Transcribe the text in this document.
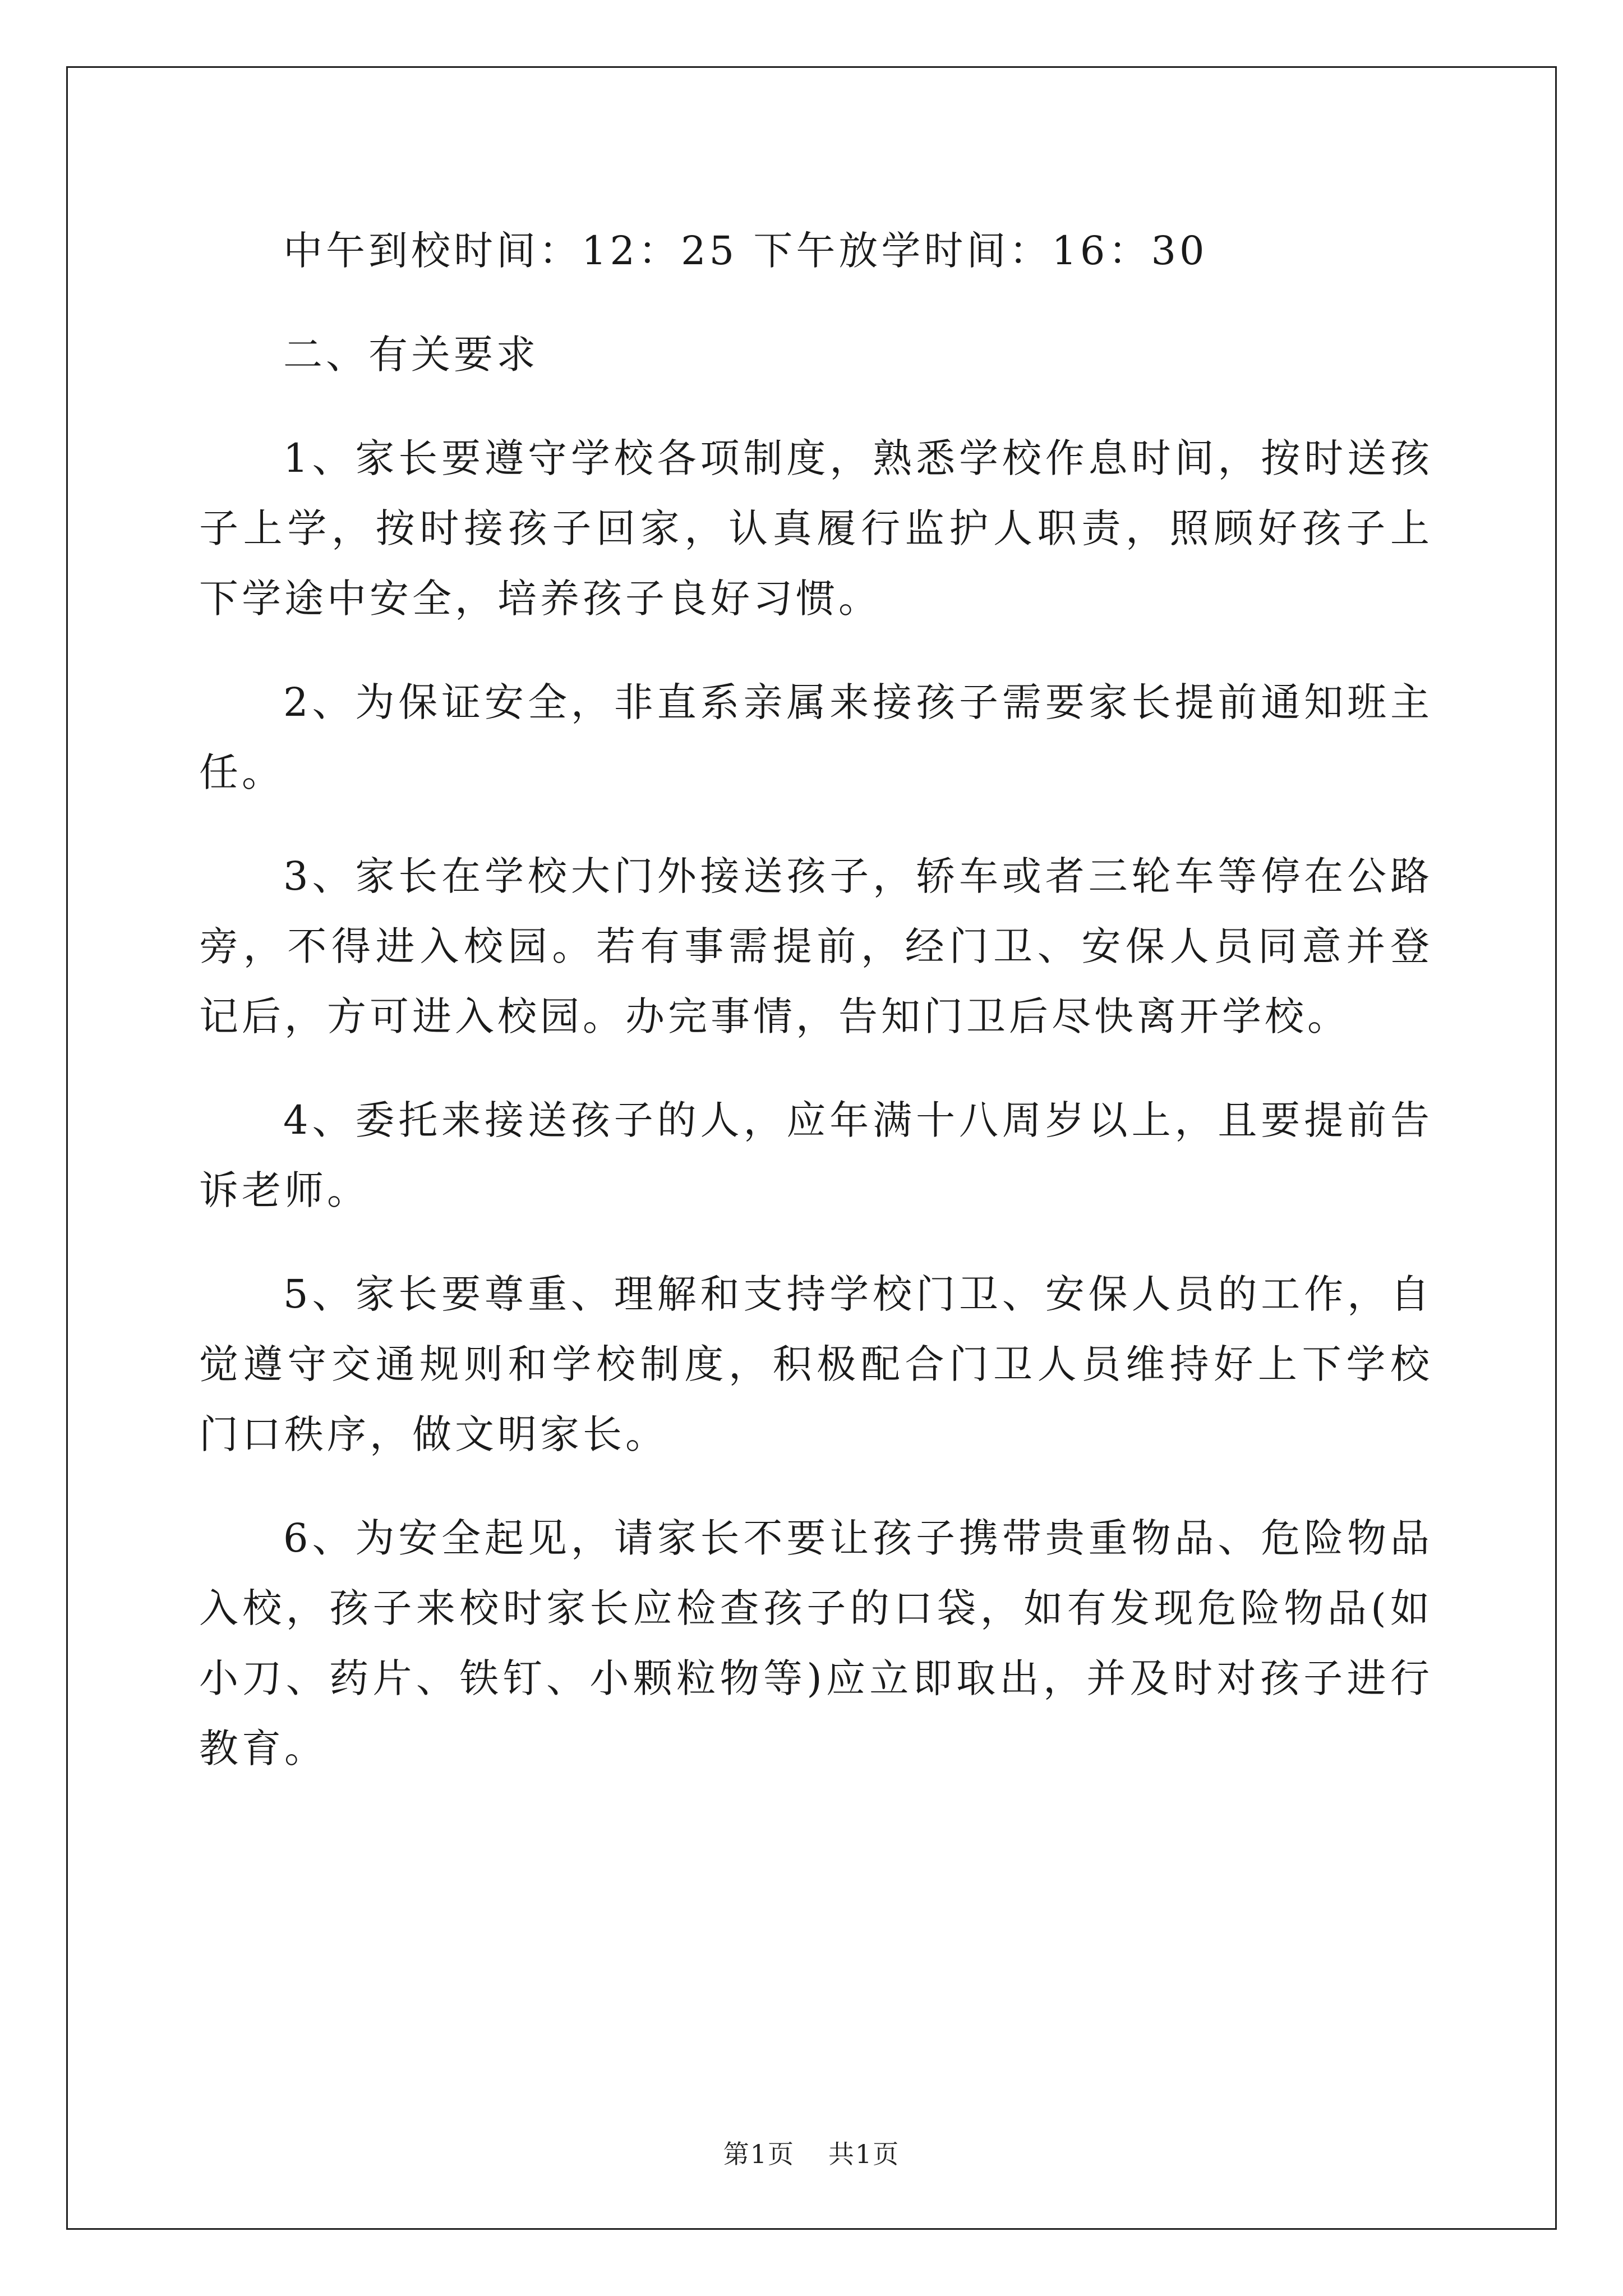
中午到校时间：12：25 下午放学时间：16：30

二、有关要求

1、家长要遵守学校各项制度，熟悉学校作息时间，按时送孩子上学，按时接孩子回家，认真履行监护人职责，照顾好孩子上下学途中安全，培养孩子良好习惯。

2、为保证安全，非直系亲属来接孩子需要家长提前通知班主任。

3、家长在学校大门外接送孩子，轿车或者三轮车等停在公路旁，不得进入校园。若有事需提前，经门卫、安保人员同意并登记后，方可进入校园。办完事情，告知门卫后尽快离开学校。

4、委托来接送孩子的人，应年满十八周岁以上，且要提前告诉老师。

5、家长要尊重、理解和支持学校门卫、安保人员的工作，自觉遵守交通规则和学校制度，积极配合门卫人员维持好上下学校门口秩序，做文明家长。

6、为安全起见，请家长不要让孩子携带贵重物品、危险物品入校，孩子来校时家长应检查孩子的口袋，如有发现危险物品(如小刀、药片、铁钉、小颗粒物等)应立即取出，并及时对孩子进行教育。

第1页 共1页
